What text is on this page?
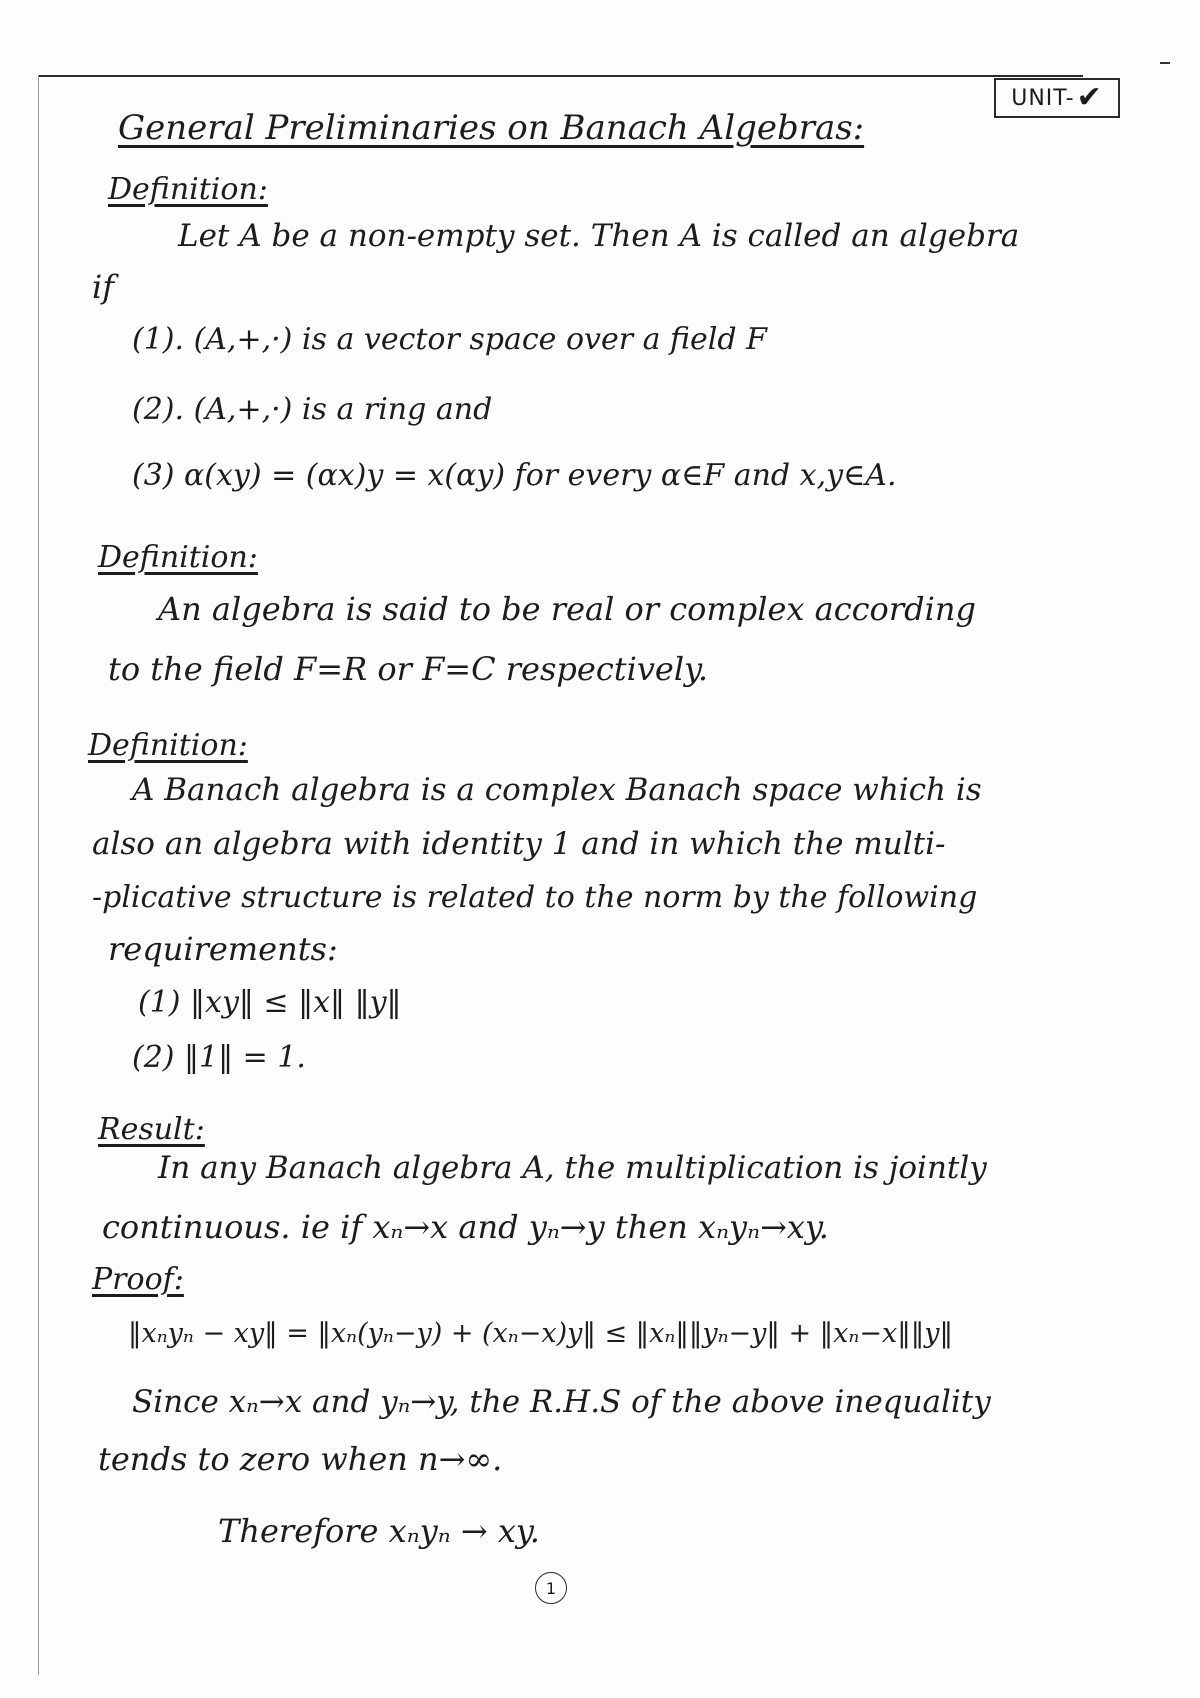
UNIT- ✔
General Preliminaries on Banach Algebras:
Definition:
Let A be a non-empty set. Then A is called an algebra
if
(1). (A,+,·) is a vector space over a field F
(2). (A,+,·) is a ring and
(3) α(xy) = (αx)y = x(αy) for every α∈F and x,y∈A.
Definition:
An algebra is said to be real or complex according
to the field F=R or F=C respectively.
Definition:
A Banach algebra is a complex Banach space which is
also an algebra with identity 1 and in which the multi-
-plicative structure is related to the norm by the following
requirements:
(1) ‖xy‖ ≤ ‖x‖ ‖y‖
(2) ‖1‖ = 1.
Result:
In any Banach algebra A, the multiplication is jointly
continuous. ie if xₙ→x and yₙ→y then xₙyₙ→xy.
Proof:
‖xₙyₙ − xy‖ = ‖xₙ(yₙ−y) + (xₙ−x)y‖ ≤ ‖xₙ‖‖yₙ−y‖ + ‖xₙ−x‖‖y‖
Since xₙ→x and yₙ→y, the R.H.S of the above inequality
tends to zero when n→∞.
Therefore xₙyₙ → xy.
1
